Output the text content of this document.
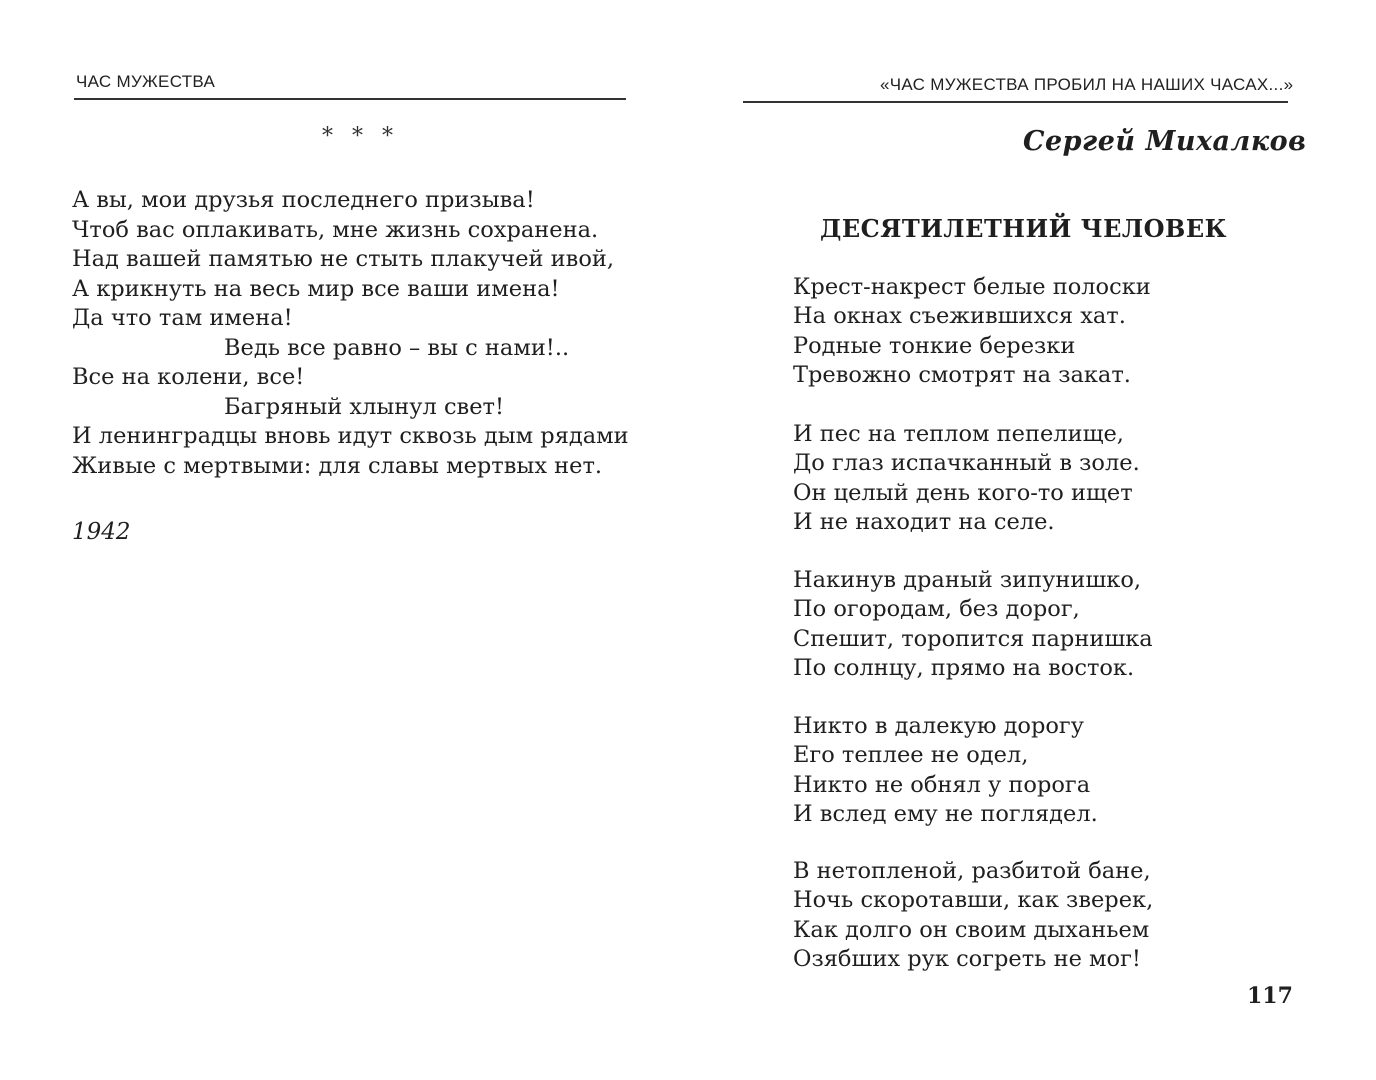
ЧАС МУЖЕСТВА
* * *
А вы, мои друзья последнего призыва!
Чтоб вас оплакивать, мне жизнь сохранена.
Над вашей памятью не стыть плакучей ивой,
А крикнуть на весь мир все ваши имена!
Да что там имена!
Ведь все равно – вы с нами!..
Все на колени, все!
Багряный хлынул свет!
И ленинградцы вновь идут сквозь дым рядами
Живые с мертвыми: для славы мертвых нет.
1942
«ЧАС МУЖЕСТВА ПРОБИЛ НА НАШИХ ЧАСАХ...»
Сергей Михалков
ДЕСЯТИЛЕТНИЙ ЧЕЛОВЕК
Крест-накрест белые полоски
На окнах съежившихся хат.
Родные тонкие березки
Тревожно смотрят на закат.
И пес на теплом пепелище,
До глаз испачканный в золе.
Он целый день кого-то ищет
И не находит на селе.
Накинув драный зипунишко,
По огородам, без дорог,
Спешит, торопится парнишка
По солнцу, прямо на восток.
Никто в далекую дорогу
Его теплее не одел,
Никто не обнял у порога
И вслед ему не поглядел.
В нетопленой, разбитой бане,
Ночь скоротавши, как зверек,
Как долго он своим дыханьем
Озябших рук согреть не мог!
117
